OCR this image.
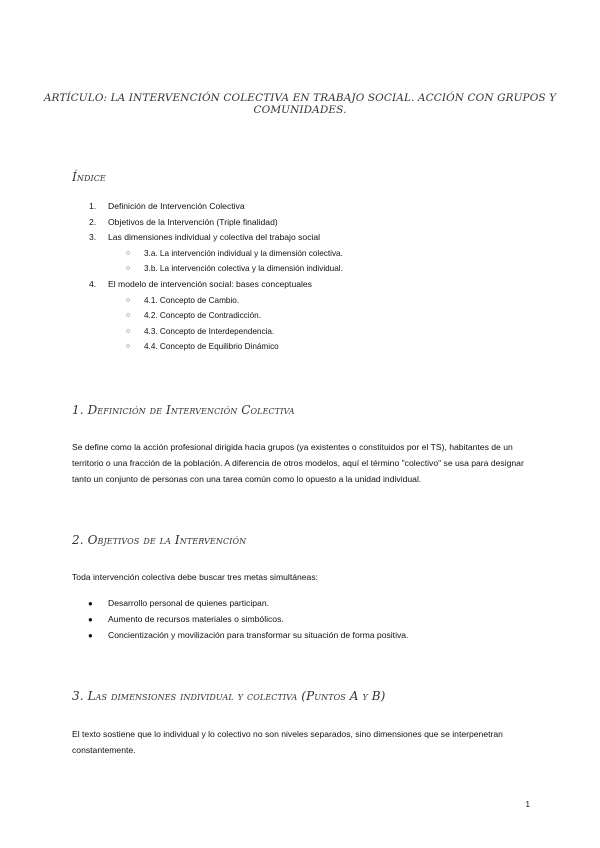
ARTÍCULO: LA INTERVENCIÓN COLECTIVA EN TRABAJO SOCIAL. ACCIÓN CON GRUPOS Y COMUNIDADES.
Índice
1. Definición de Intervención Colectiva
2. Objetivos de la Intervención (Triple finalidad)
3. Las dimensiones individual y colectiva del trabajo social
○ 3.a. La intervención individual y la dimensión colectiva.
○ 3.b. La intervención colectiva y la dimensión individual.
4. El modelo de intervención social: bases conceptuales
○ 4.1. Concepto de Cambio.
○ 4.2. Concepto de Contradicción.
○ 4.3. Concepto de Interdependencia.
○ 4.4. Concepto de Equilibrio Dinámico
1. Definición de Intervención Colectiva
Se define como la acción profesional dirigida hacia grupos (ya existentes o constituidos por el TS), habitantes de un territorio o una fracción de la población. A diferencia de otros modelos, aquí el término "colectivo" se usa para designar tanto un conjunto de personas con una tarea común como lo opuesto a la unidad individual.
2. Objetivos de la Intervención
Toda intervención colectiva debe buscar tres metas simultáneas:
● Desarrollo personal de quienes participan.
● Aumento de recursos materiales o simbólicos.
● Concientización y movilización para transformar su situación de forma positiva.
3. Las dimensiones individual y colectiva (Puntos A y B)
El texto sostiene que lo individual y lo colectivo no son niveles separados, sino dimensiones que se interpenetran constantemente.
1
